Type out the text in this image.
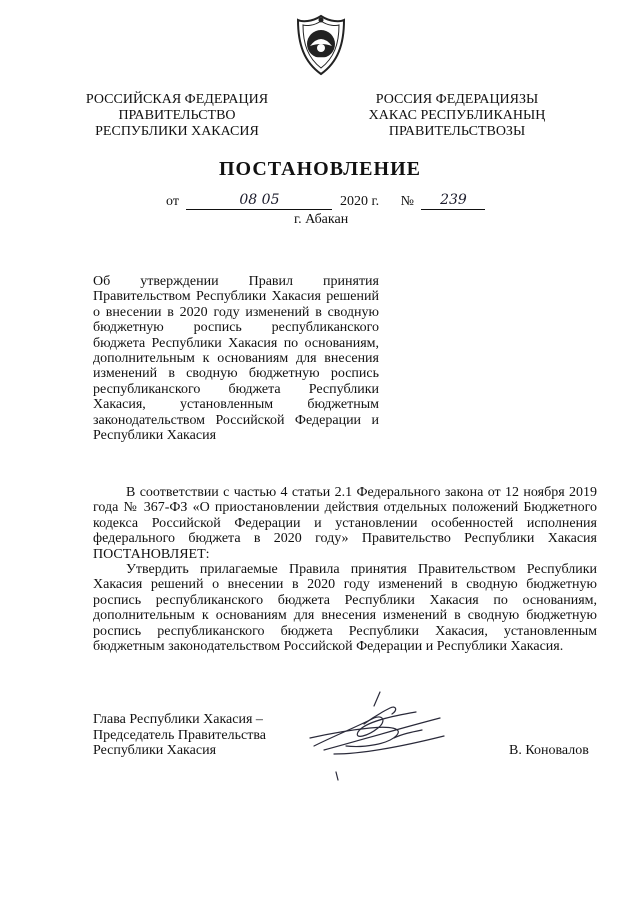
РОССИЙСКАЯ ФЕДЕРАЦИЯ
ПРАВИТЕЛЬСТВО
РЕСПУБЛИКИ ХАКАСИЯ
РОССИЯ ФЕДЕРАЦИЯЗЫ
ХАКАС РЕСПУБЛИКАНЫҢ
ПРАВИТЕЛЬСТВОЗЫ
ПОСТАНОВЛЕНИЕ
от	08 05	2020 г. № 239
г. Абакан
Об утверждении Правил принятия Правительством Республики Хакасия решений о внесении в 2020 году изменений в сводную бюджетную роспись республиканского бюджета Республики Хакасия по основаниям, дополнительным к основаниям для внесения изменений в сводную бюджетную роспись республиканского бюджета Республики Хакасия, установленным бюджетным законодательством Российской Федерации и Республики Хакасия

В соответствии с частью 4 статьи 2.1 Федерального закона от 12 ноября 2019 года № 367-ФЗ «О приостановлении действия отдельных положений Бюджетного кодекса Российской Федерации и установлении особенностей исполнения федерального бюджета в 2020 году» Правительство Республики Хакасия ПОСТАНОВЛЯЕТ:

Утвердить прилагаемые Правила принятия Правительством Республики Хакасия решений о внесении в 2020 году изменений в сводную бюджетную роспись республиканского бюджета Республики Хакасия по основаниям, дополнительным к основаниям для внесения изменений в сводную бюджетную роспись республиканского бюджета Республики Хакасия, установленным бюджетным законодательством Российской Федерации и Республики Хакасия.

Глава Республики Хакасия –
Председатель Правительства
Республики Хакасия	В. Коновалов
